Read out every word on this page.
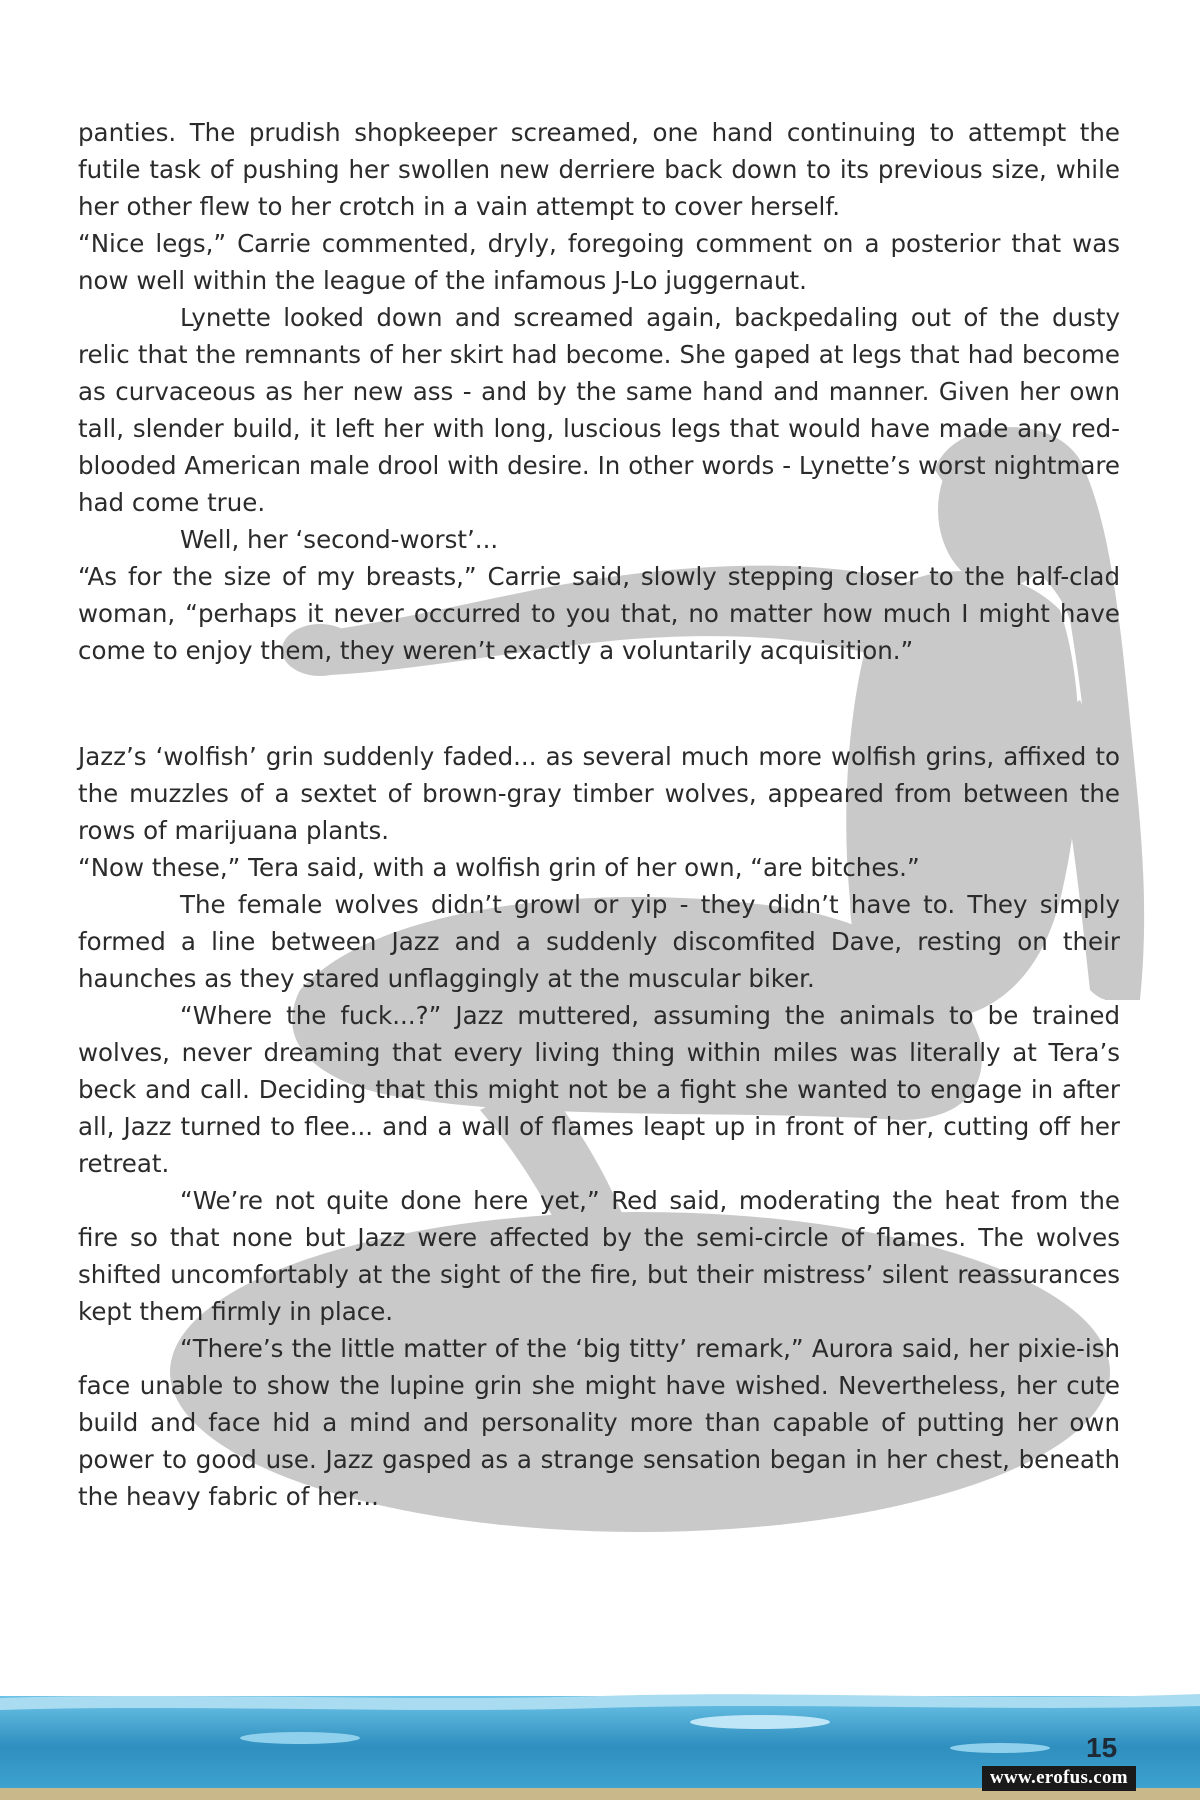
panties. The prudish shopkeeper screamed, one hand continuing to attempt the futile task of pushing her swollen new derriere back down to its previous size, while her other flew to her crotch in a vain attempt to cover herself.

“Nice legs,” Carrie commented, dryly, foregoing comment on a posterior that was now well within the league of the infamous J-Lo juggernaut.

Lynette looked down and screamed again, backpedaling out of the dusty relic that the remnants of her skirt had become. She gaped at legs that had become as curvaceous as her new ass - and by the same hand and manner. Given her own tall, slender build, it left her with long, luscious legs that would have made any red-blooded American male drool with desire. In other words - Lynette’s worst nightmare had come true.

Well, her ‘second-worst’...

“As for the size of my breasts,” Carrie said, slowly stepping closer to the half-clad woman, “perhaps it never occurred to you that, no matter how much I might have come to enjoy them, they weren’t exactly a voluntarily acquisition.”

Jazz’s ‘wolfish’ grin suddenly faded... as several much more wolfish grins, affixed to the muzzles of a sextet of brown-gray timber wolves, appeared from between the rows of marijuana plants.

“Now these,” Tera said, with a wolfish grin of her own, “are bitches.”

The female wolves didn’t growl or yip - they didn’t have to. They simply formed a line between Jazz and a suddenly discomfited Dave, resting on their haunches as they stared unflaggingly at the muscular biker.

“Where the fuck...?” Jazz muttered, assuming the animals to be trained wolves, never dreaming that every living thing within miles was literally at Tera’s beck and call. Deciding that this might not be a fight she wanted to engage in after all, Jazz turned to flee... and a wall of flames leapt up in front of her, cutting off her retreat.

“We’re not quite done here yet,” Red said, moderating the heat from the fire so that none but Jazz were affected by the semi-circle of flames. The wolves shifted uncomfortably at the sight of the fire, but their mistress’ silent reassurances kept them firmly in place.

“There’s the little matter of the ‘big titty’ remark,” Aurora said, her pixie-ish face unable to show the lupine grin she might have wished. Nevertheless, her cute build and face hid a mind and personality more than capable of putting her own power to good use. Jazz gasped as a strange sensation began in her chest, beneath the heavy fabric of her...

15
www.erofus.com
